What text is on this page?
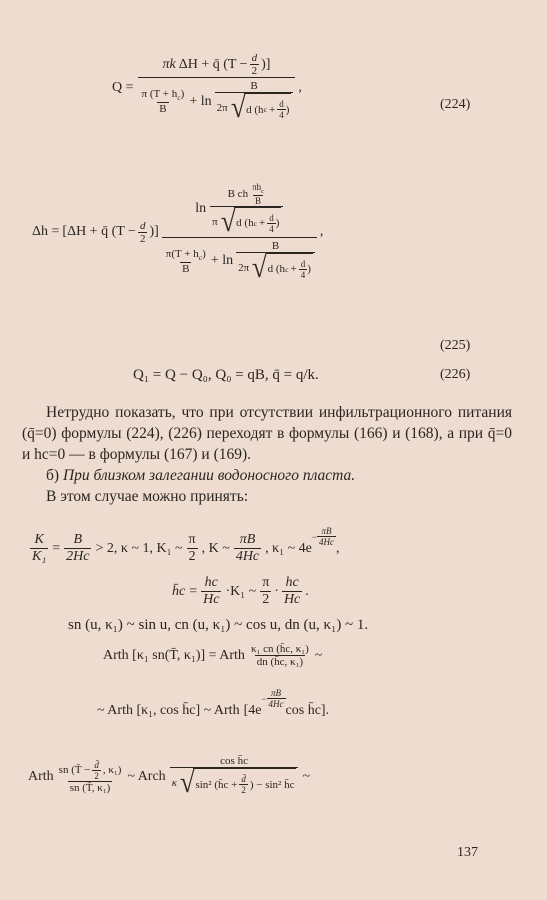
Q =
πk ΔH + q̄ ($T - \frac{d}{2}$ )]
$\frac{\pi (T + h_c)}{B} + \ln$
B
2π √ d (h $c + \frac{d}{4}$ )
,
(224)
Δh = [ΔH + q̄ ($T - \frac{d}{2}$ )]
ln
B ch $\frac{\pi h_c}{B}$
π √ d (h $c + \frac{d}{4}$ )
$\frac{\pi(T + h_c)}{B} + \ln$
B
2π √ d (h $c + \frac{d}{4}$ )
,
(225)
Q₁ = Q − Q₀, Q₀ = qB, q̄ = q/k.	(226)

Нетрудно показать, что при отсутствии инфильтрационного питания (q̄=0) формулы (224), (226) переходят в формулы (166) и (168), а при q̄=0 и hc=0 — в формулы (167) и (169).

б) При близком залегании водоносного пласта.

В этом случае можно принять:

$\frac{K}{\text{K₁}} = \frac{B}{2Hc} > 2$, κ ~ 1, K₁ ~ $\frac{\pi}{2}$ , K ~ $\frac{\pi B}{4Hc}$ , κ₁ ~ 4e
− $\frac{\pi B}{4Hc}$
,
h̄c = $\frac{hc}{Hc} \cdot K_1$ ~ $\frac{\pi}{2} \cdot \frac{hc}{Hc}$ .
sn (u, κ₁) ~ sin u, cn (u, κ₁) ~ cos u, dn (u, κ₁) ~ 1.
Arth [κ₁ sn(T̄, κ₁)] = Arth $\frac{\text{κ₁ cn (h̄c, κ₁)}}{\text{dn (h̄c, κ₁)}}$ ~
~ Arth [κ₁, cos h̄c] ~ Arth [4e
− $\frac{\pi B}{4Hc}$
cos h̄c].
Arth sn (T̄ − $\frac{d̄}{2}$ , κ₁)
sn (T̄, κ₁)
~ Arch
cos h̄c
κ √ sin² (h̄c + $\frac{d̄}{2}$ ) − sin² h̄c
~
137
